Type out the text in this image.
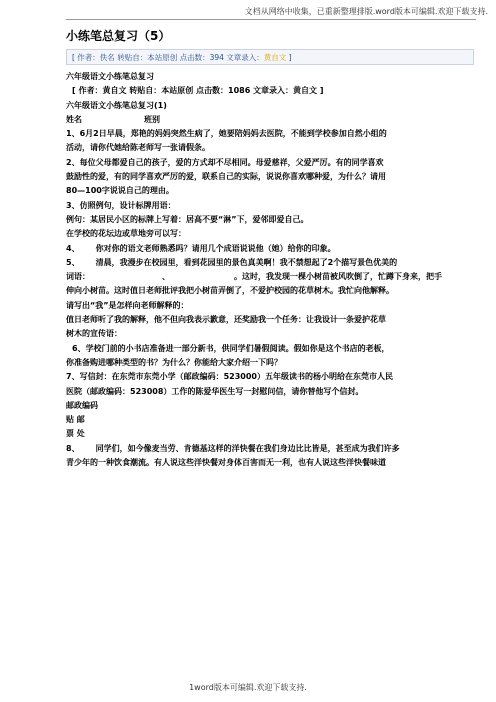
文档从网络中收集，已重新整理排版.word版本可编辑.欢迎下载支持.
小练笔总复习（5）
[ 作者：佚名 转贴自：本站原创 点击数：394 文章录入：黄自文 ]

六年级语文小练笔总复习

[ 作者：黄自文 转贴自：本站原创 点击数：1086 文章录入：黄自文 ]

六年级语文小练笔总复习(1)

姓名	班别

1、6月2日早晨，郑艳的妈妈突然生病了，她要陪妈妈去医院，不能到学校参加自然小组的

活动，请你代她给陈老师写一张请假条。

2、每位父母都爱自己的孩子，爱的方式却不尽相同。母爱慈祥，父爱严厉。有的同学喜欢

鼓励性的爱，有的同学喜欢严厉的爱，联系自己的实际，说说你喜欢哪种爱，为什么？请用

80—100字说说自己的理由。

3、仿照例句，设计标牌用语：

例句：某居民小区的标牌上写着：居高不要“淋”下，爱邻即爱自己。

在学校的花坛边或草地旁可以写：

4、 你对你的语文老师熟悉吗？请用几个成语说说他（她）给你的印象。

5、 清晨，我漫步在校园里，看到花园里的景色真美啊！我不禁想起了2个描写景色优美的

词语：	、	。这时，我发现一棵小树苗被风吹倒了，忙蹲下身来，把手

伸向小树苗。这时值日老师批评我把小树苗弄倒了，不爱护校园的花草树木。我忙向他解释。

请写出“我”是怎样向老师解释的：

值日老师听了我的解释，他不但向我表示歉意，还奖励我一个任务：让我设计一条爱护花草

树木的宣传语：

6、学校门前的小书店准备进一部分新书，供同学们暑假阅读。假如你是这个书店的老板，

你准备购进哪种类型的书？为什么？你能给大家介绍一下吗？

7、写信封：在东莞市东莞小学（邮政编码：523000）五年级读书的杨小明给在东莞市人民

医院（邮政编码：523008）工作的陈爱华医生写一封慰问信，请你替他写个信封。

邮政编码

贴 邮

票 处

8、 同学们，如今像麦当劳、肯德基这样的洋快餐在我们身边比比皆是，甚至成为我们许多

青少年的一种饮食潮流。有人说这些洋快餐对身体百害而无一利，也有人说这些洋快餐味道

1word版本可编辑.欢迎下载支持.
